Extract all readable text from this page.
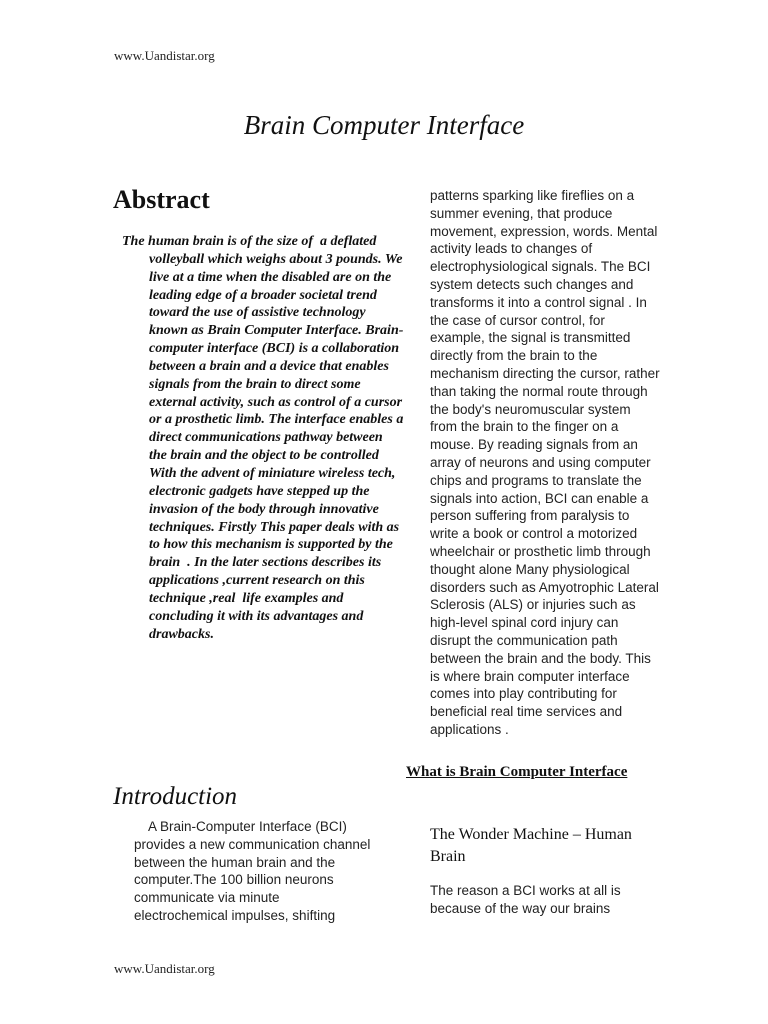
www.Uandistar.org
Brain Computer Interface
Abstract
The human brain is of the size of  a deflated volleyball which weighs about 3 pounds. We live at a time when the disabled are on the leading edge of a broader societal trend toward the use of assistive technology known as Brain Computer Interface. Brain-computer interface (BCI) is a collaboration between a brain and a device that enables signals from the brain to direct some external activity, such as control of a cursor or a prosthetic limb. The interface enables a direct communications pathway between the brain and the object to be controlled With the advent of miniature wireless tech, electronic gadgets have stepped up the invasion of the body through innovative techniques. Firstly This paper deals with as to how this mechanism is supported by the brain  . In the later sections describes its applications ,current research on this technique ,real  life examples and concluding it with its advantages and drawbacks.
Introduction
A Brain-Computer Interface (BCI) provides a new communication channel between the human brain and the computer.The 100 billion neurons communicate via minute electrochemical impulses, shifting
patterns sparking like fireflies on a summer evening, that produce movement, expression, words. Mental activity leads to changes of electrophysiological signals. The BCI system detects such changes and transforms it into a control signal . In the case of cursor control, for example, the signal is transmitted directly from the brain to the mechanism directing the cursor, rather than taking the normal route through the body's neuromuscular system from the brain to the finger on a mouse. By reading signals from an array of neurons and using computer chips and programs to translate the signals into action, BCI can enable a person suffering from paralysis to write a book or control a motorized wheelchair or prosthetic limb through thought alone Many physiological disorders such as Amyotrophic Lateral Sclerosis (ALS) or injuries such as high-level spinal cord injury can disrupt the communication path between the brain and the body. This is where brain computer interface comes into play contributing for beneficial real time services and applications .
What is Brain Computer Interface
The Wonder Machine – Human Brain
The reason a BCI works at all is because of the way our brains
www.Uandistar.org
